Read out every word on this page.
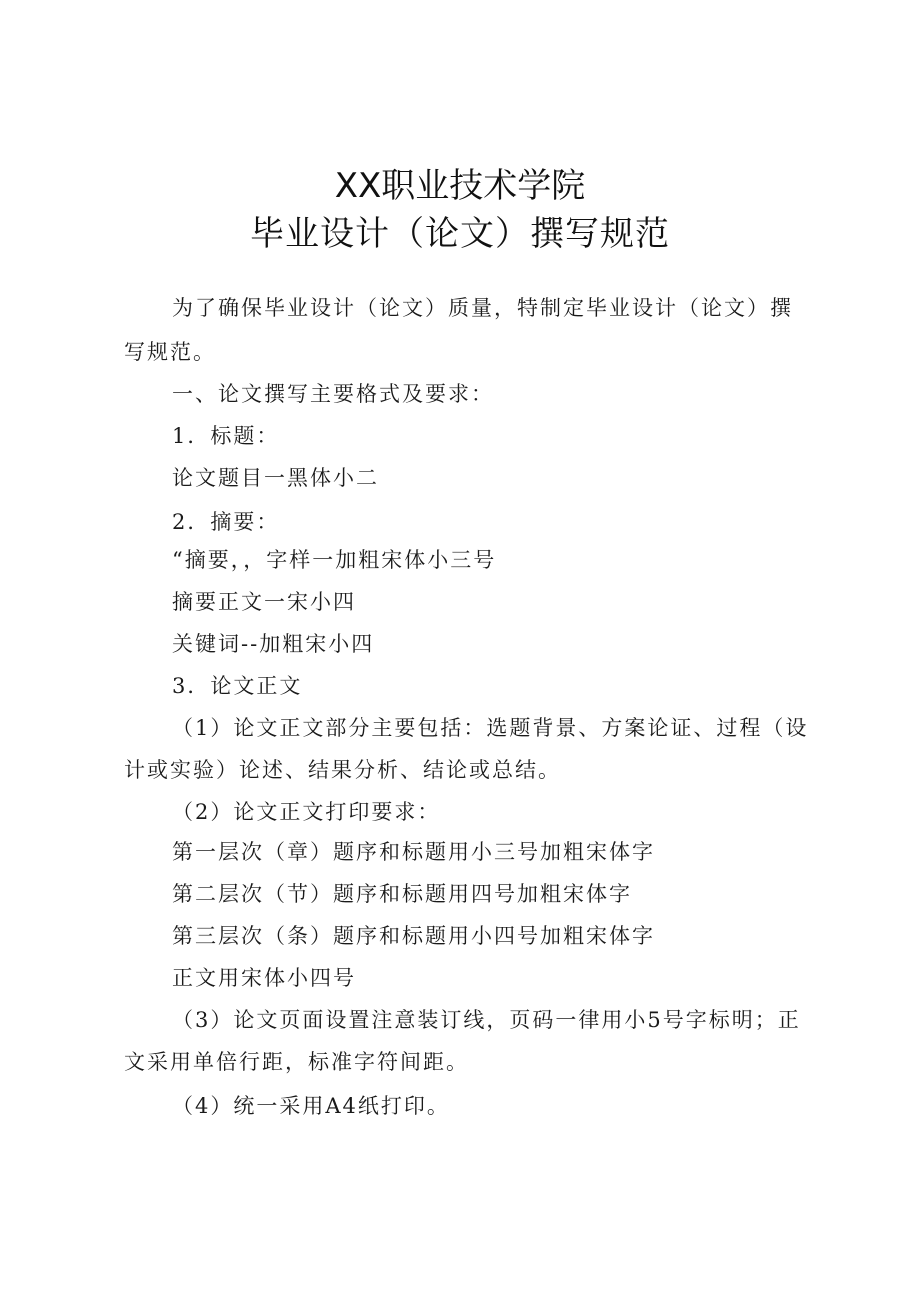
XX职业技术学院
毕业设计（论文）撰写规范
为了确保毕业设计（论文）质量，特制定毕业设计（论文）撰
写规范。
一、论文撰写主要格式及要求：
1．标题：
论文题目一黑体小二
2．摘要：
“摘要，，字样一加粗宋体小三号
摘要正文一宋小四
关键词--加粗宋小四
3．论文正文
（1）论文正文部分主要包括：选题背景、方案论证、过程（设
计或实验）论述、结果分析、结论或总结。
（2）论文正文打印要求：
第一层次（章）题序和标题用小三号加粗宋体字
第二层次（节）题序和标题用四号加粗宋体字
第三层次（条）题序和标题用小四号加粗宋体字
正文用宋体小四号
（3）论文页面设置注意装订线，页码一律用小5号字标明；正
文采用单倍行距，标准字符间距。
（4）统一采用A4纸打印。
